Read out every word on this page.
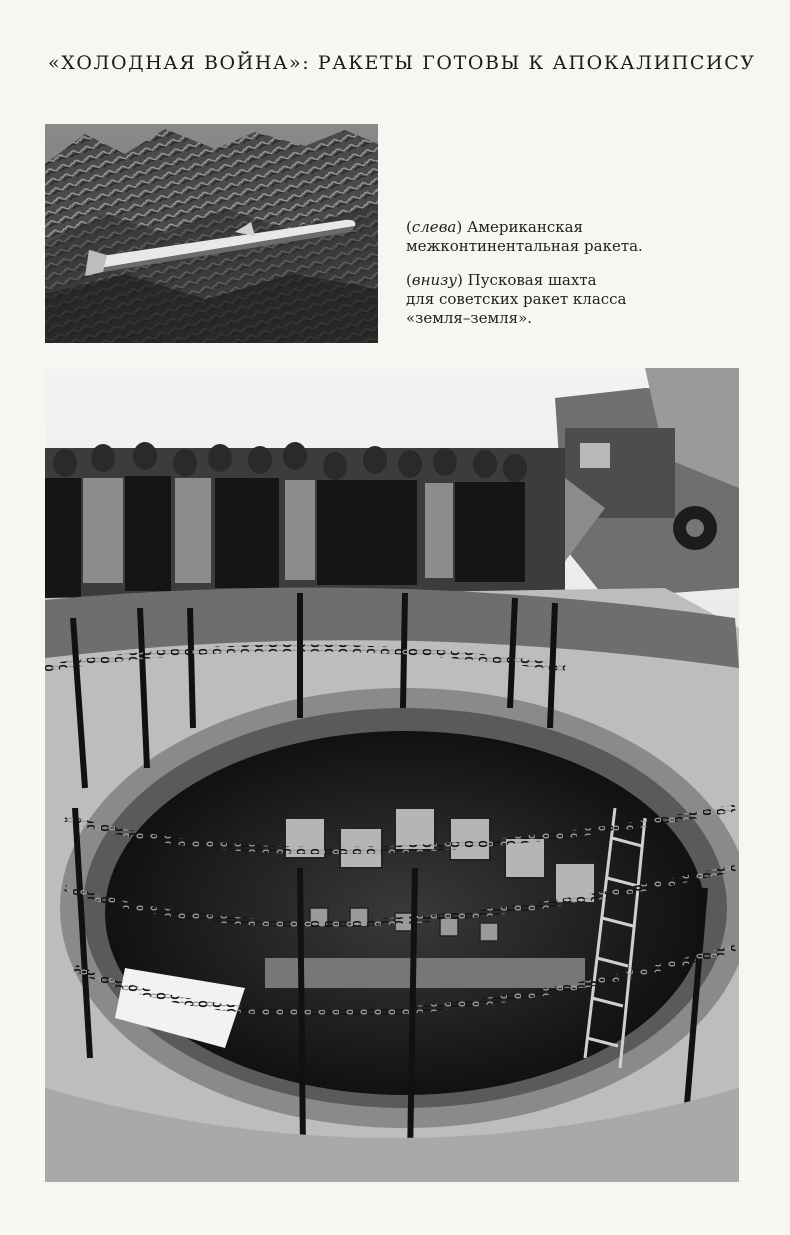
«ХОЛОДНАЯ ВОЙНА»: РАКЕТЫ ГОТОВЫ К АПОКАЛИПСИСУ

(слева) Американская
межконтинентальная ракета.

(внизу) Пусковая шахта
для советских ракет класса
«земля–земля».
